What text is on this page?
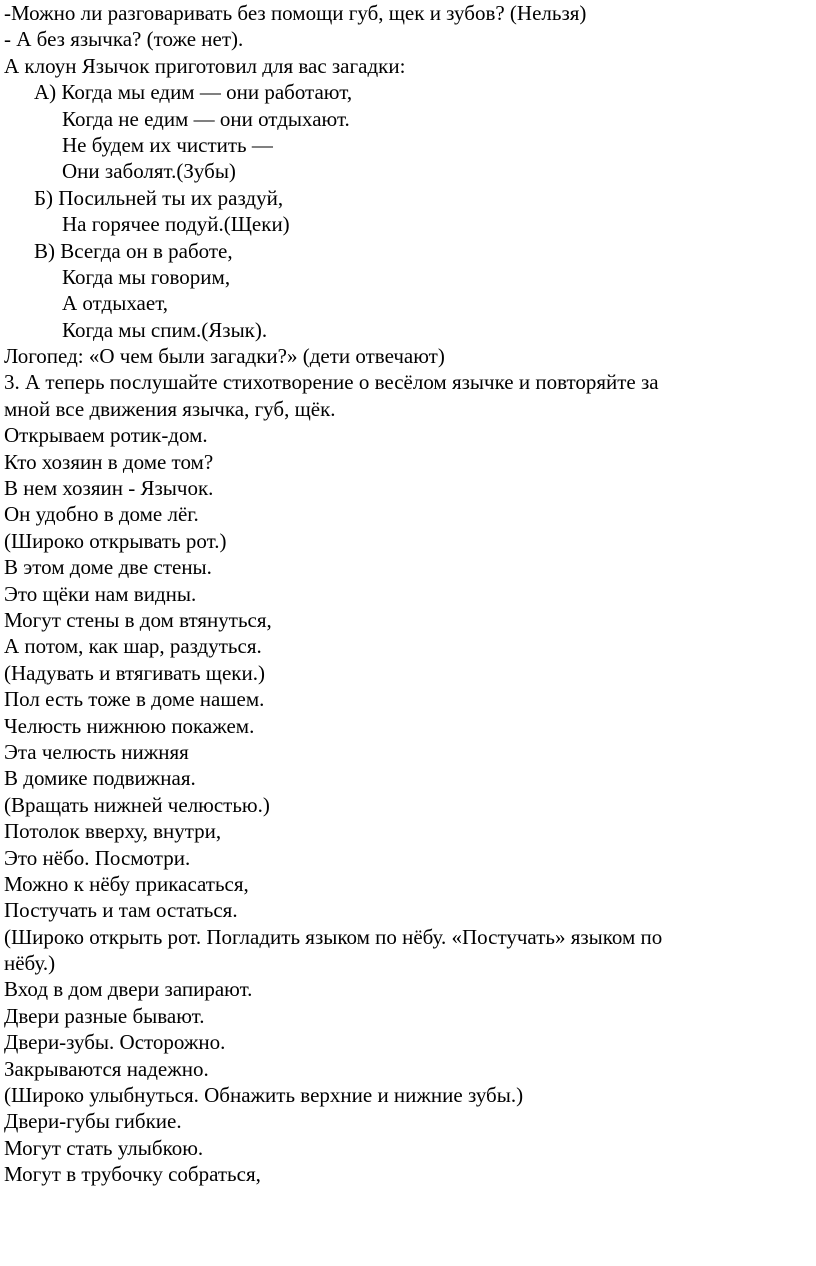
-Можно ли разговаривать без помощи губ, щек и зубов? (Нельзя)

- А без язычка? (тоже нет).

А клоун Язычок приготовил для вас загадки:

А) Когда мы едим — они работают,

Когда не едим — они отдыхают.

Не будем их чистить —

Они заболят.(Зубы)

Б) Посильней ты их раздуй,

На горячее подуй.(Щеки)

В) Всегда он в работе,

Когда мы говорим,

А отдыхает,

Когда мы спим.(Язык).

Логопед: «О чем были загадки?» (дети отвечают)

3. А теперь послушайте стихотворение о весёлом язычке и повторяйте за

мной все движения язычка, губ, щёк.

Открываем ротик-дом.

Кто хозяин в доме том?

В нем хозяин - Язычок.

Он удобно в доме лёг.

(Широко открывать рот.)

В этом доме две стены.

Это щёки нам видны.

Могут стены в дом втянуться,

А потом, как шар, раздуться.

(Надувать и втягивать щеки.)

Пол есть тоже в доме нашем.

Челюсть нижнюю покажем.

Эта челюсть нижняя

В домике подвижная.

(Вращать нижней челюстью.)

Потолок вверху, внутри,

Это нёбо. Посмотри.

Можно к нёбу прикасаться,

Постучать и там остаться.

(Широко открыть рот. Погладить языком по нёбу. «Постучать» языком по

нёбу.)

Вход в дом двери запирают.

Двери разные бывают.

Двери-зубы. Осторожно.

Закрываются надежно.

(Широко улыбнуться. Обнажить верхние и нижние зубы.)

Двери-губы гибкие.

Могут стать улыбкою.

Могут в трубочку собраться,
